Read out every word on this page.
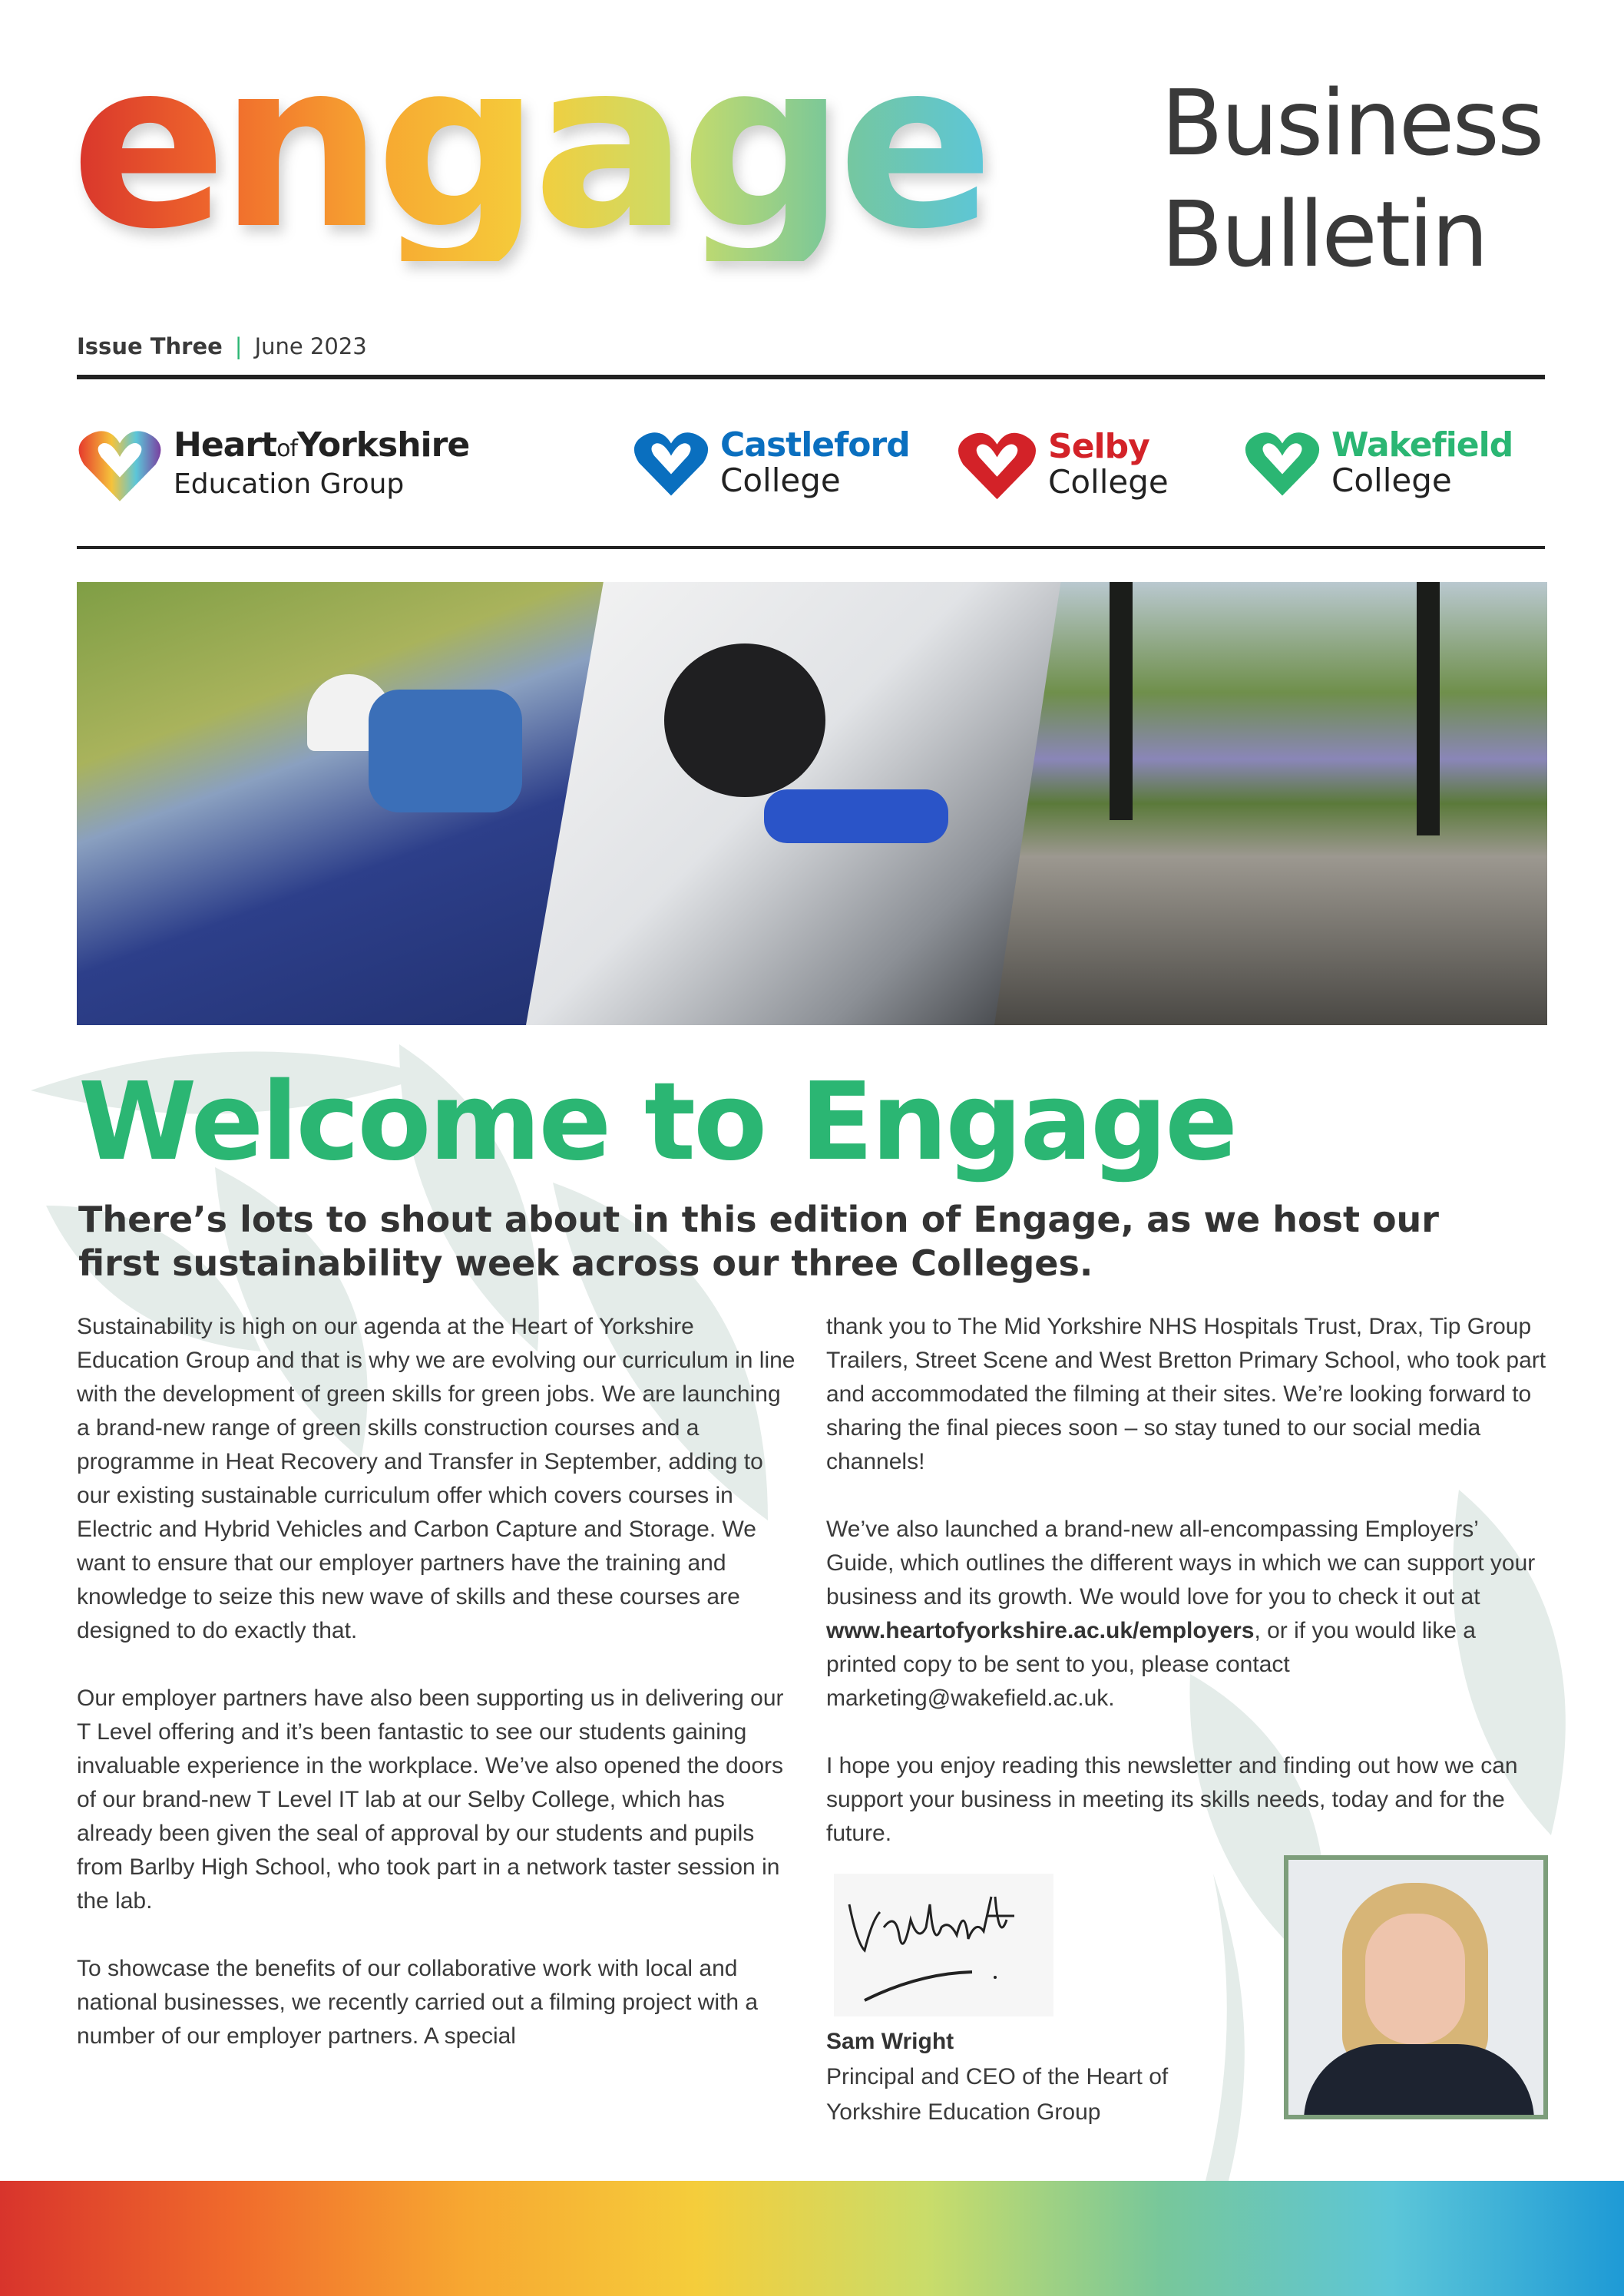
engage Business
Bulletin
Issue Three | June 2023
HeartofYorkshire
Education Group
Castleford
College
Selby
College
Wakefield
College
Welcome to Engage
There’s lots to shout about in this edition of Engage, as we host our first sustainability week across our three Colleges.

Sustainability is high on our agenda at the Heart of Yorkshire Education Group and that is why we are evolving our curriculum in line with the development of green skills for green jobs. We are launching a brand-new range of green skills construction courses and a programme in Heat Recovery and Transfer in September, adding to our existing sustainable curriculum offer which covers courses in Electric and Hybrid Vehicles and Carbon Capture and Storage. We want to ensure that our employer partners have the training and knowledge to seize this new wave of skills and these courses are designed to do exactly that.

Our employer partners have also been supporting us in delivering our T Level offering and it’s been fantastic to see our students gaining invaluable experience in the workplace. We’ve also opened the doors of our brand-new T Level IT lab at our Selby College, which has already been given the seal of approval by our students and pupils from Barlby High School, who took part in a network taster session in the lab.

To showcase the benefits of our collaborative work with local and national businesses, we recently carried out a filming project with a number of our employer partners. A special

thank you to The Mid Yorkshire NHS Hospitals Trust, Drax, Tip Group Trailers, Street Scene and West Bretton Primary School, who took part and accommodated the filming at their sites. We’re looking forward to sharing the final pieces soon – so stay tuned to our social media channels!

We’ve also launched a brand-new all-encompassing Employers’ Guide, which outlines the different ways in which we can support your business and its growth. We would love for you to check it out at www.heartofyorkshire.ac.uk/employers, or if you would like a printed copy to be sent to you, please contact marketing@wakefield.ac.uk.

I hope you enjoy reading this newsletter and finding out how we can support your business in meeting its skills needs, today and for the future.

Sam Wright
Principal and CEO of the Heart of Yorkshire Education Group
